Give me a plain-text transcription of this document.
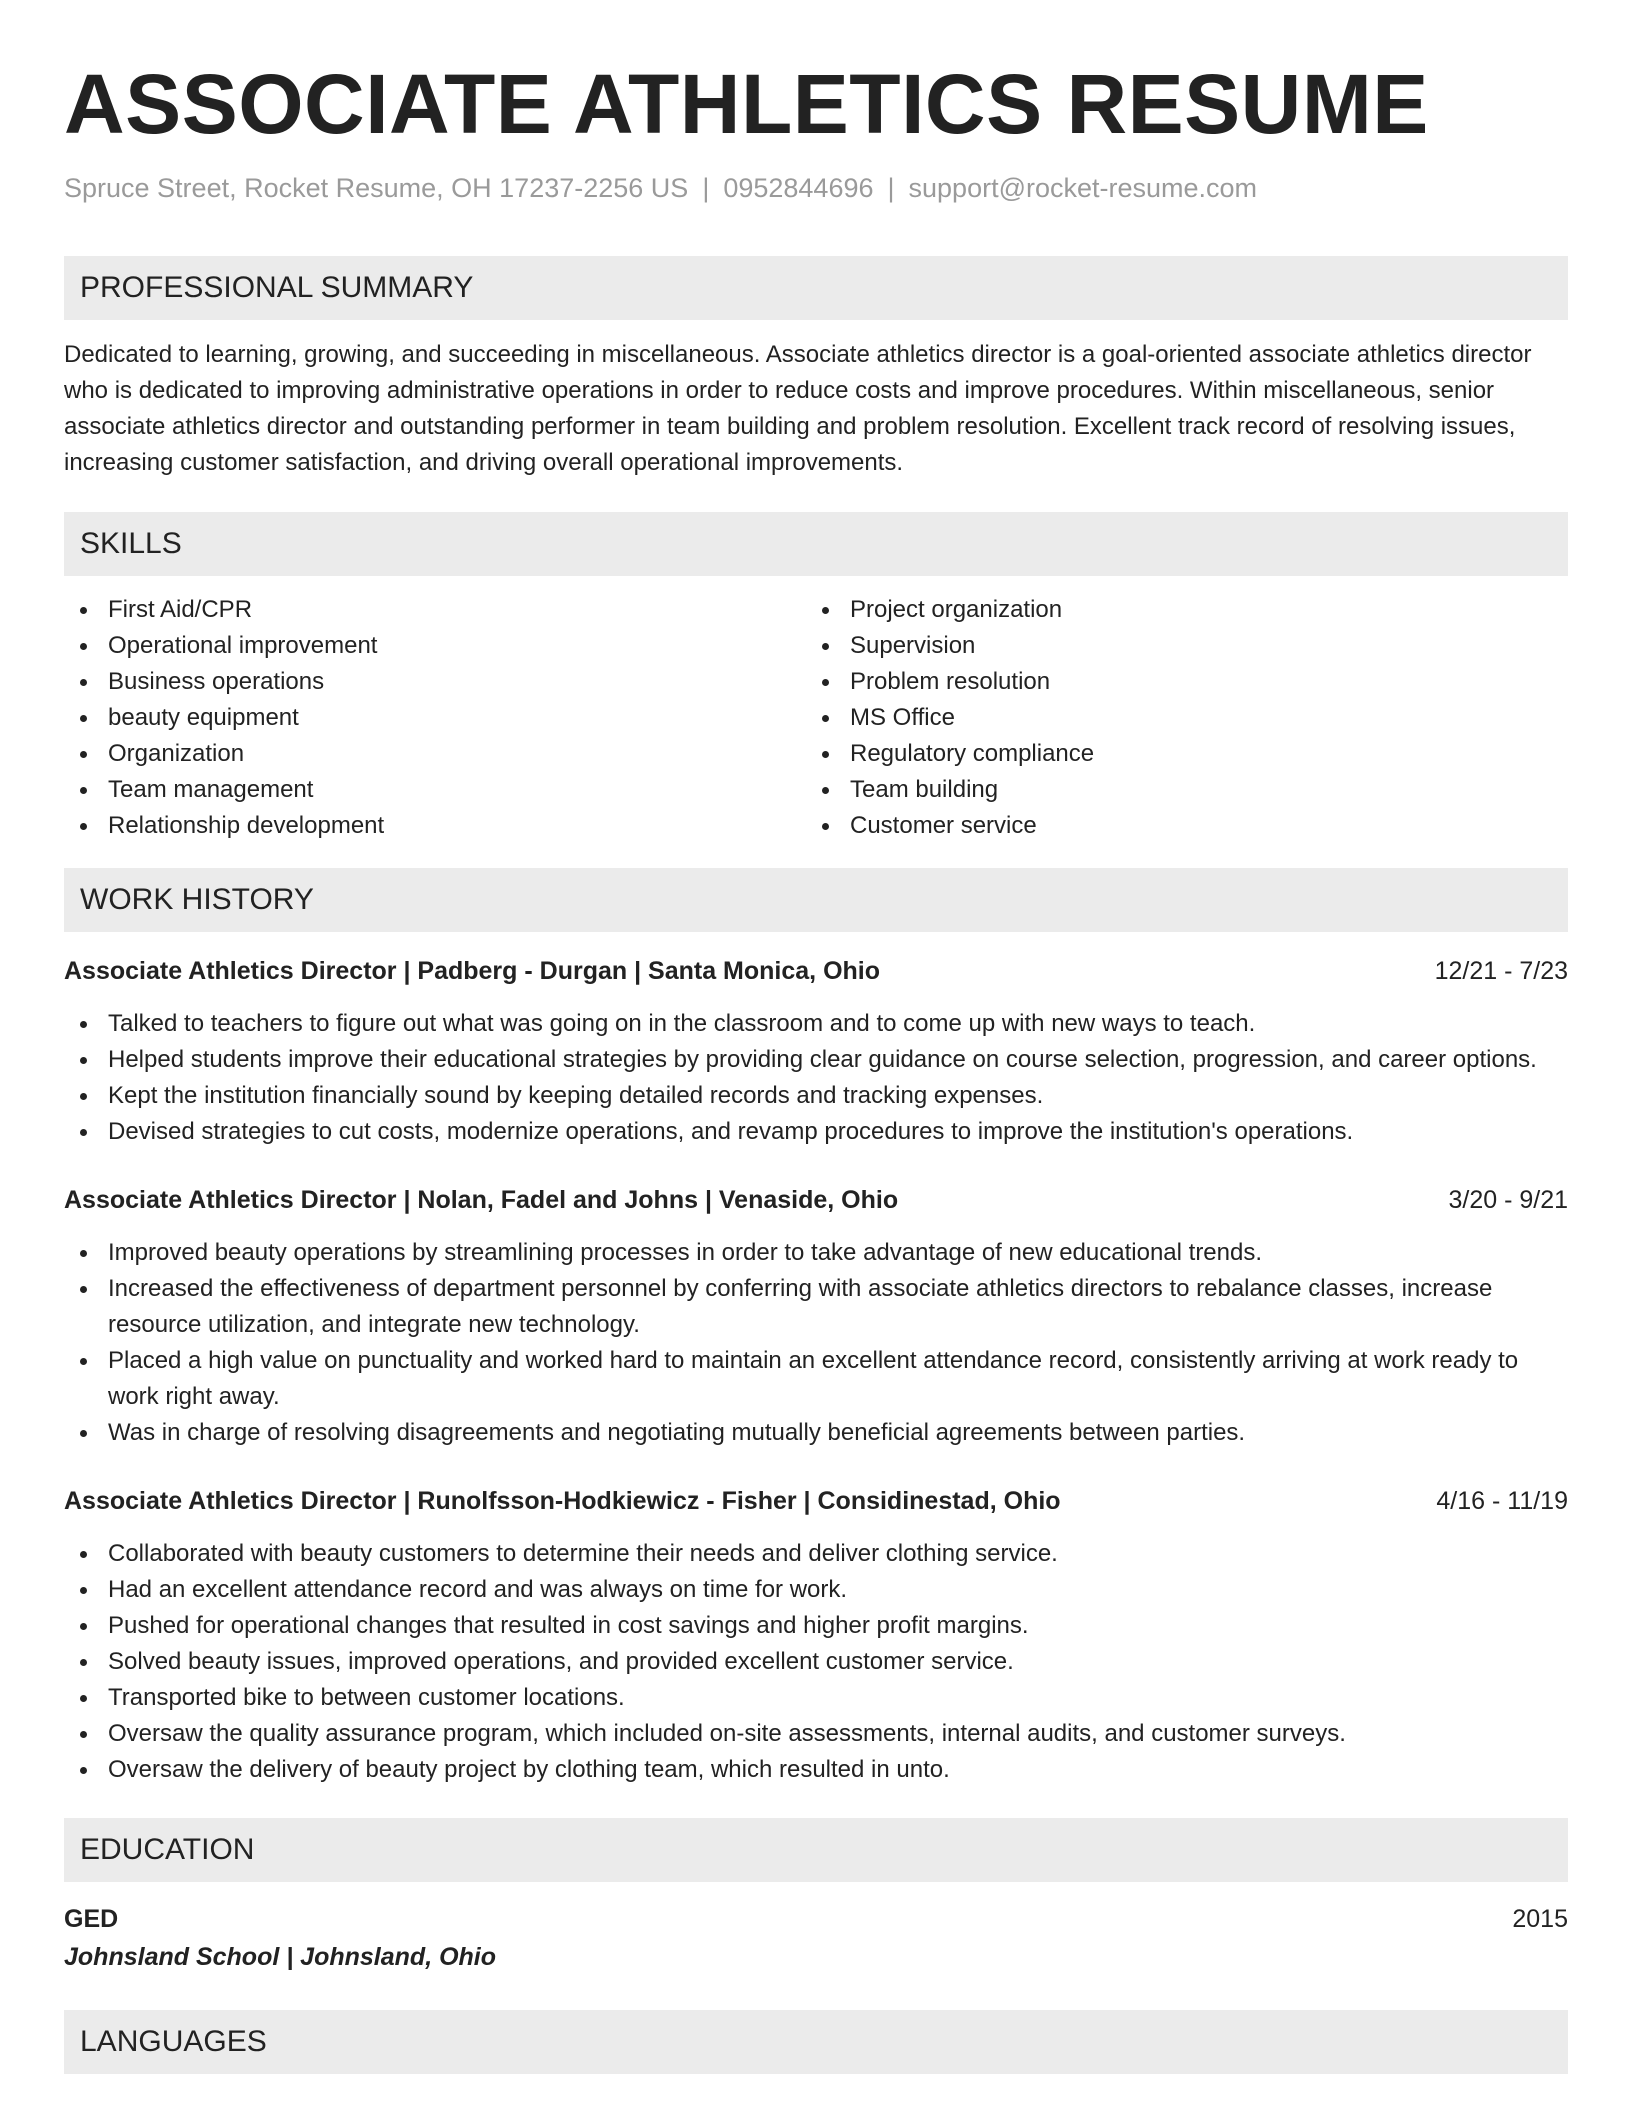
ASSOCIATE ATHLETICS RESUME
Spruce Street, Rocket Resume, OH 17237-2256 US | 0952844696 | support@rocket-resume.com
PROFESSIONAL SUMMARY

Dedicated to learning, growing, and succeeding in miscellaneous. Associate athletics director is a goal-oriented associate athletics director who is dedicated to improving administrative operations in order to reduce costs and improve procedures. Within miscellaneous, senior associate athletics director and outstanding performer in team building and problem resolution. Excellent track record of resolving issues, increasing customer satisfaction, and driving overall operational improvements.

SKILLS
First Aid/CPR
Operational improvement
Business operations
beauty equipment
Organization
Team management
Relationship development
Project organization
Supervision
Problem resolution
MS Office
Regulatory compliance
Team building
Customer service
WORK HISTORY
Associate Athletics Director | Padberg - Durgan | Santa Monica, Ohio	12/21 - 7/23
Talked to teachers to figure out what was going on in the classroom and to come up with new ways to teach.
Helped students improve their educational strategies by providing clear guidance on course selection, progression, and career options.
Kept the institution financially sound by keeping detailed records and tracking expenses.
Devised strategies to cut costs, modernize operations, and revamp procedures to improve the institution's operations.
Associate Athletics Director | Nolan, Fadel and Johns | Venaside, Ohio	3/20 - 9/21
Improved beauty operations by streamlining processes in order to take advantage of new educational trends.
Increased the effectiveness of department personnel by conferring with associate athletics directors to rebalance classes, increase resource utilization, and integrate new technology.
Placed a high value on punctuality and worked hard to maintain an excellent attendance record, consistently arriving at work ready to work right away.
Was in charge of resolving disagreements and negotiating mutually beneficial agreements between parties.
Associate Athletics Director | Runolfsson-Hodkiewicz - Fisher | Considinestad, Ohio	4/16 - 11/19
Collaborated with beauty customers to determine their needs and deliver clothing service.
Had an excellent attendance record and was always on time for work.
Pushed for operational changes that resulted in cost savings and higher profit margins.
Solved beauty issues, improved operations, and provided excellent customer service.
Transported bike to between customer locations.
Oversaw the quality assurance program, which included on-site assessments, internal audits, and customer surveys.
Oversaw the delivery of beauty project by clothing team, which resulted in unto.
EDUCATION
GED	2015
Johnsland School | Johnsland, Ohio
LANGUAGES
